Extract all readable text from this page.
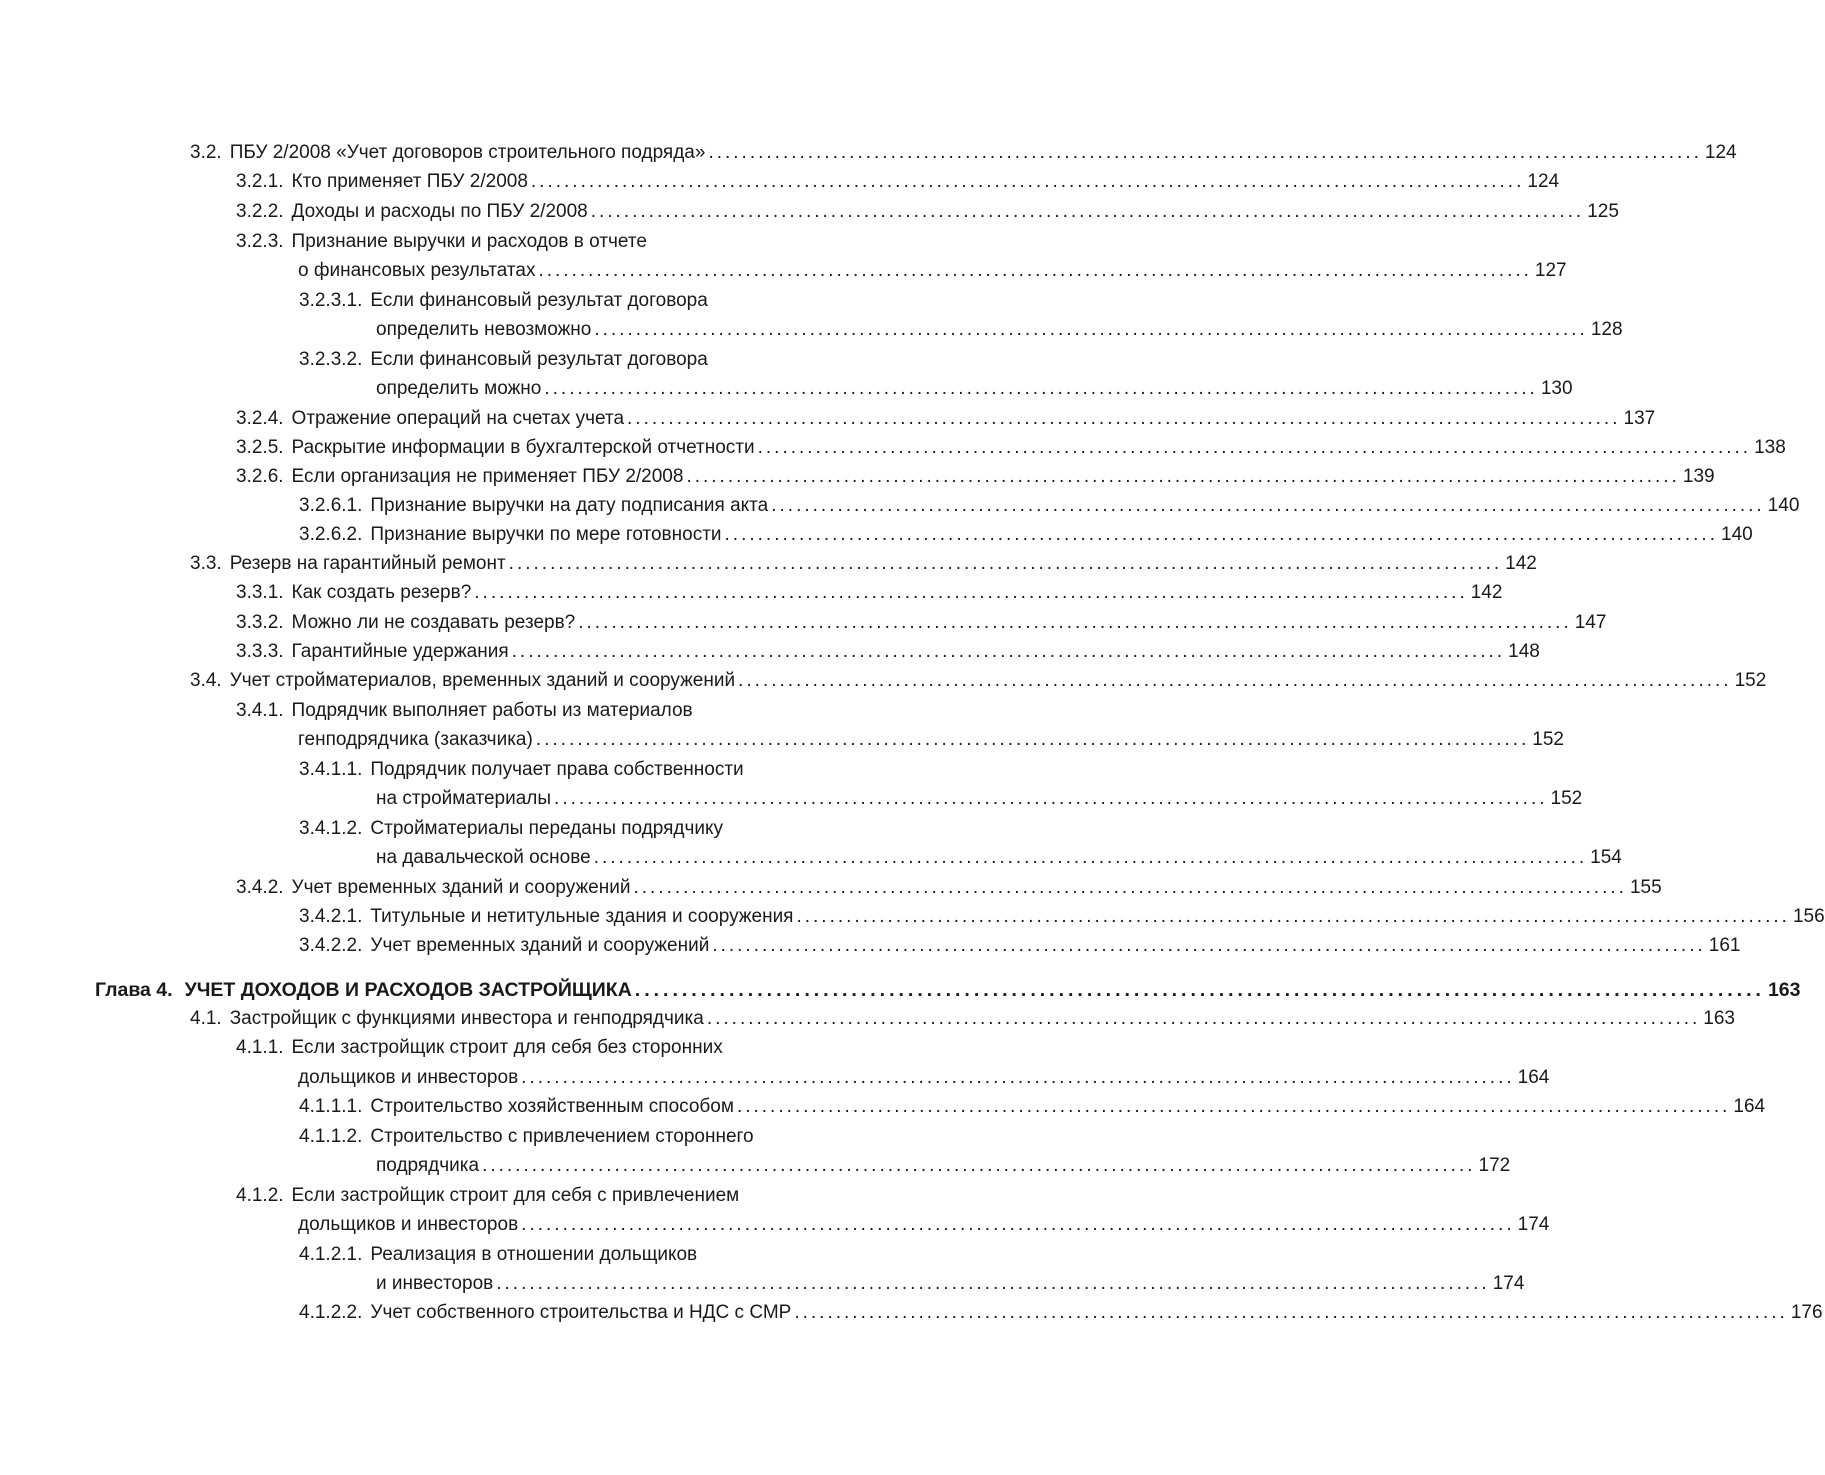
3.2. ПБУ 2/2008 «Учет договоров строительного подряда» ........................................................................................................................ 124
3.2.1. Кто применяет ПБУ 2/2008 ........................................................................................................................ 124
3.2.2. Доходы и расходы по ПБУ 2/2008 ........................................................................................................................ 125
3.2.3. Признание выручки и расходов в отчете
о финансовых результатах ........................................................................................................................ 127
3.2.3.1. Если финансовый результат договора
определить невозможно ........................................................................................................................ 128
3.2.3.2. Если финансовый результат договора
определить можно ........................................................................................................................ 130
3.2.4. Отражение операций на счетах учета ........................................................................................................................ 137
3.2.5. Раскрытие информации в бухгалтерской отчетности ........................................................................................................................ 138
3.2.6. Если организация не применяет ПБУ 2/2008 ........................................................................................................................ 139
3.2.6.1. Признание выручки на дату подписания акта ........................................................................................................................ 140
3.2.6.2. Признание выручки по мере готовности ........................................................................................................................ 140
3.3. Резерв на гарантийный ремонт ........................................................................................................................ 142
3.3.1. Как создать резерв? ........................................................................................................................ 142
3.3.2. Можно ли не создавать резерв? ........................................................................................................................ 147
3.3.3. Гарантийные удержания ........................................................................................................................ 148
3.4. Учет стройматериалов, временных зданий и сооружений ........................................................................................................................ 152
3.4.1. Подрядчик выполняет работы из материалов
генподрядчика (заказчика) ........................................................................................................................ 152
3.4.1.1. Подрядчик получает права собственности
на стройматериалы ........................................................................................................................ 152
3.4.1.2. Стройматериалы переданы подрядчику
на давальческой основе ........................................................................................................................ 154
3.4.2. Учет временных зданий и сооружений ........................................................................................................................ 155
3.4.2.1. Титульные и нетитульные здания и сооружения ........................................................................................................................ 156
3.4.2.2. Учет временных зданий и сооружений ........................................................................................................................ 161
Глава 4. УЧЕТ ДОХОДОВ И РАСХОДОВ ЗАСТРОЙЩИКА ........................................................................................................................ 163
4.1. Застройщик с функциями инвестора и генподрядчика ........................................................................................................................ 163
4.1.1. Если застройщик строит для себя без сторонних
дольщиков и инвесторов ........................................................................................................................ 164
4.1.1.1. Строительство хозяйственным способом ........................................................................................................................ 164
4.1.1.2. Строительство с привлечением стороннего
подрядчика ........................................................................................................................ 172
4.1.2. Если застройщик строит для себя с привлечением
дольщиков и инвесторов ........................................................................................................................ 174
4.1.2.1. Реализация в отношении дольщиков
и инвесторов ........................................................................................................................ 174
4.1.2.2. Учет собственного строительства и НДС с СМР ........................................................................................................................ 176
